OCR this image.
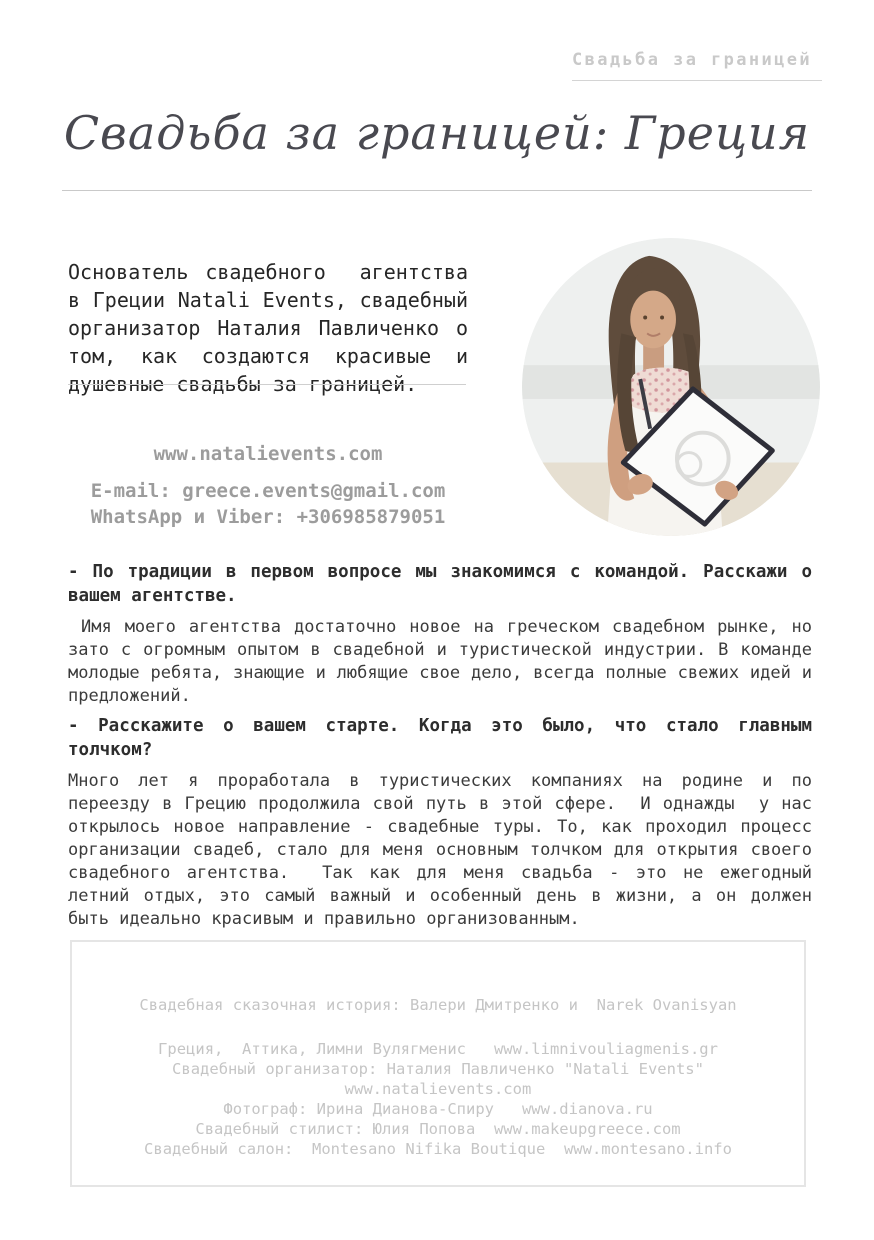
Свадьба за границей
Свадьба за границей: Греция

Основатель свадебного  агентства в Греции Natali Events, свадебный организатор Наталия Павличенко о том, как создаются красивые и душевные свадьбы за границей.

www.natalievents.com
E-mail: greece.events@gmail.com
WhatsApp и Viber: +306985879051

- По традиции в первом вопросе мы знакомимся с командой. Расскажи о вашем агентстве.

Имя моего агентства достаточно новое на греческом свадебном рынке, но зато с огромным опытом в свадебной и туристической индустрии. В команде молодые ребята, знающие и любящие свое дело, всегда полные свежих идей и предложений.

- Расскажите о вашем старте. Когда это было, что стало главным толчком?

Много лет я проработала в туристических компаниях на родине и по переезду в Грецию продолжила свой путь в этой сфере.  И однажды  у нас открылось новое направление - свадебные туры. То, как проходил процесс организации свадеб, стало для меня основным толчком для открытия своего свадебного агентства.  Так как для меня свадьба - это не ежегодный летний отдых, это самый важный и особенный день в жизни, а он должен быть идеально красивым и правильно организованным.

Свадебная сказочная история: Валери Дмитренко и  Narek Ovanisyan
Греция,  Аттика, Лимни Вулягменис   www.limnivouliagmenis.gr
Свадебный организатор: Наталия Павличенко "Natali Events"
www.natalievents.com
Фотограф: Ирина Дианова-Спиру   www.dianova.ru
Свадебный стилист: Юлия Попова  www.makeupgreece.com
Свадебный салон:  Montesano Nifika Boutique  www.montesano.info
